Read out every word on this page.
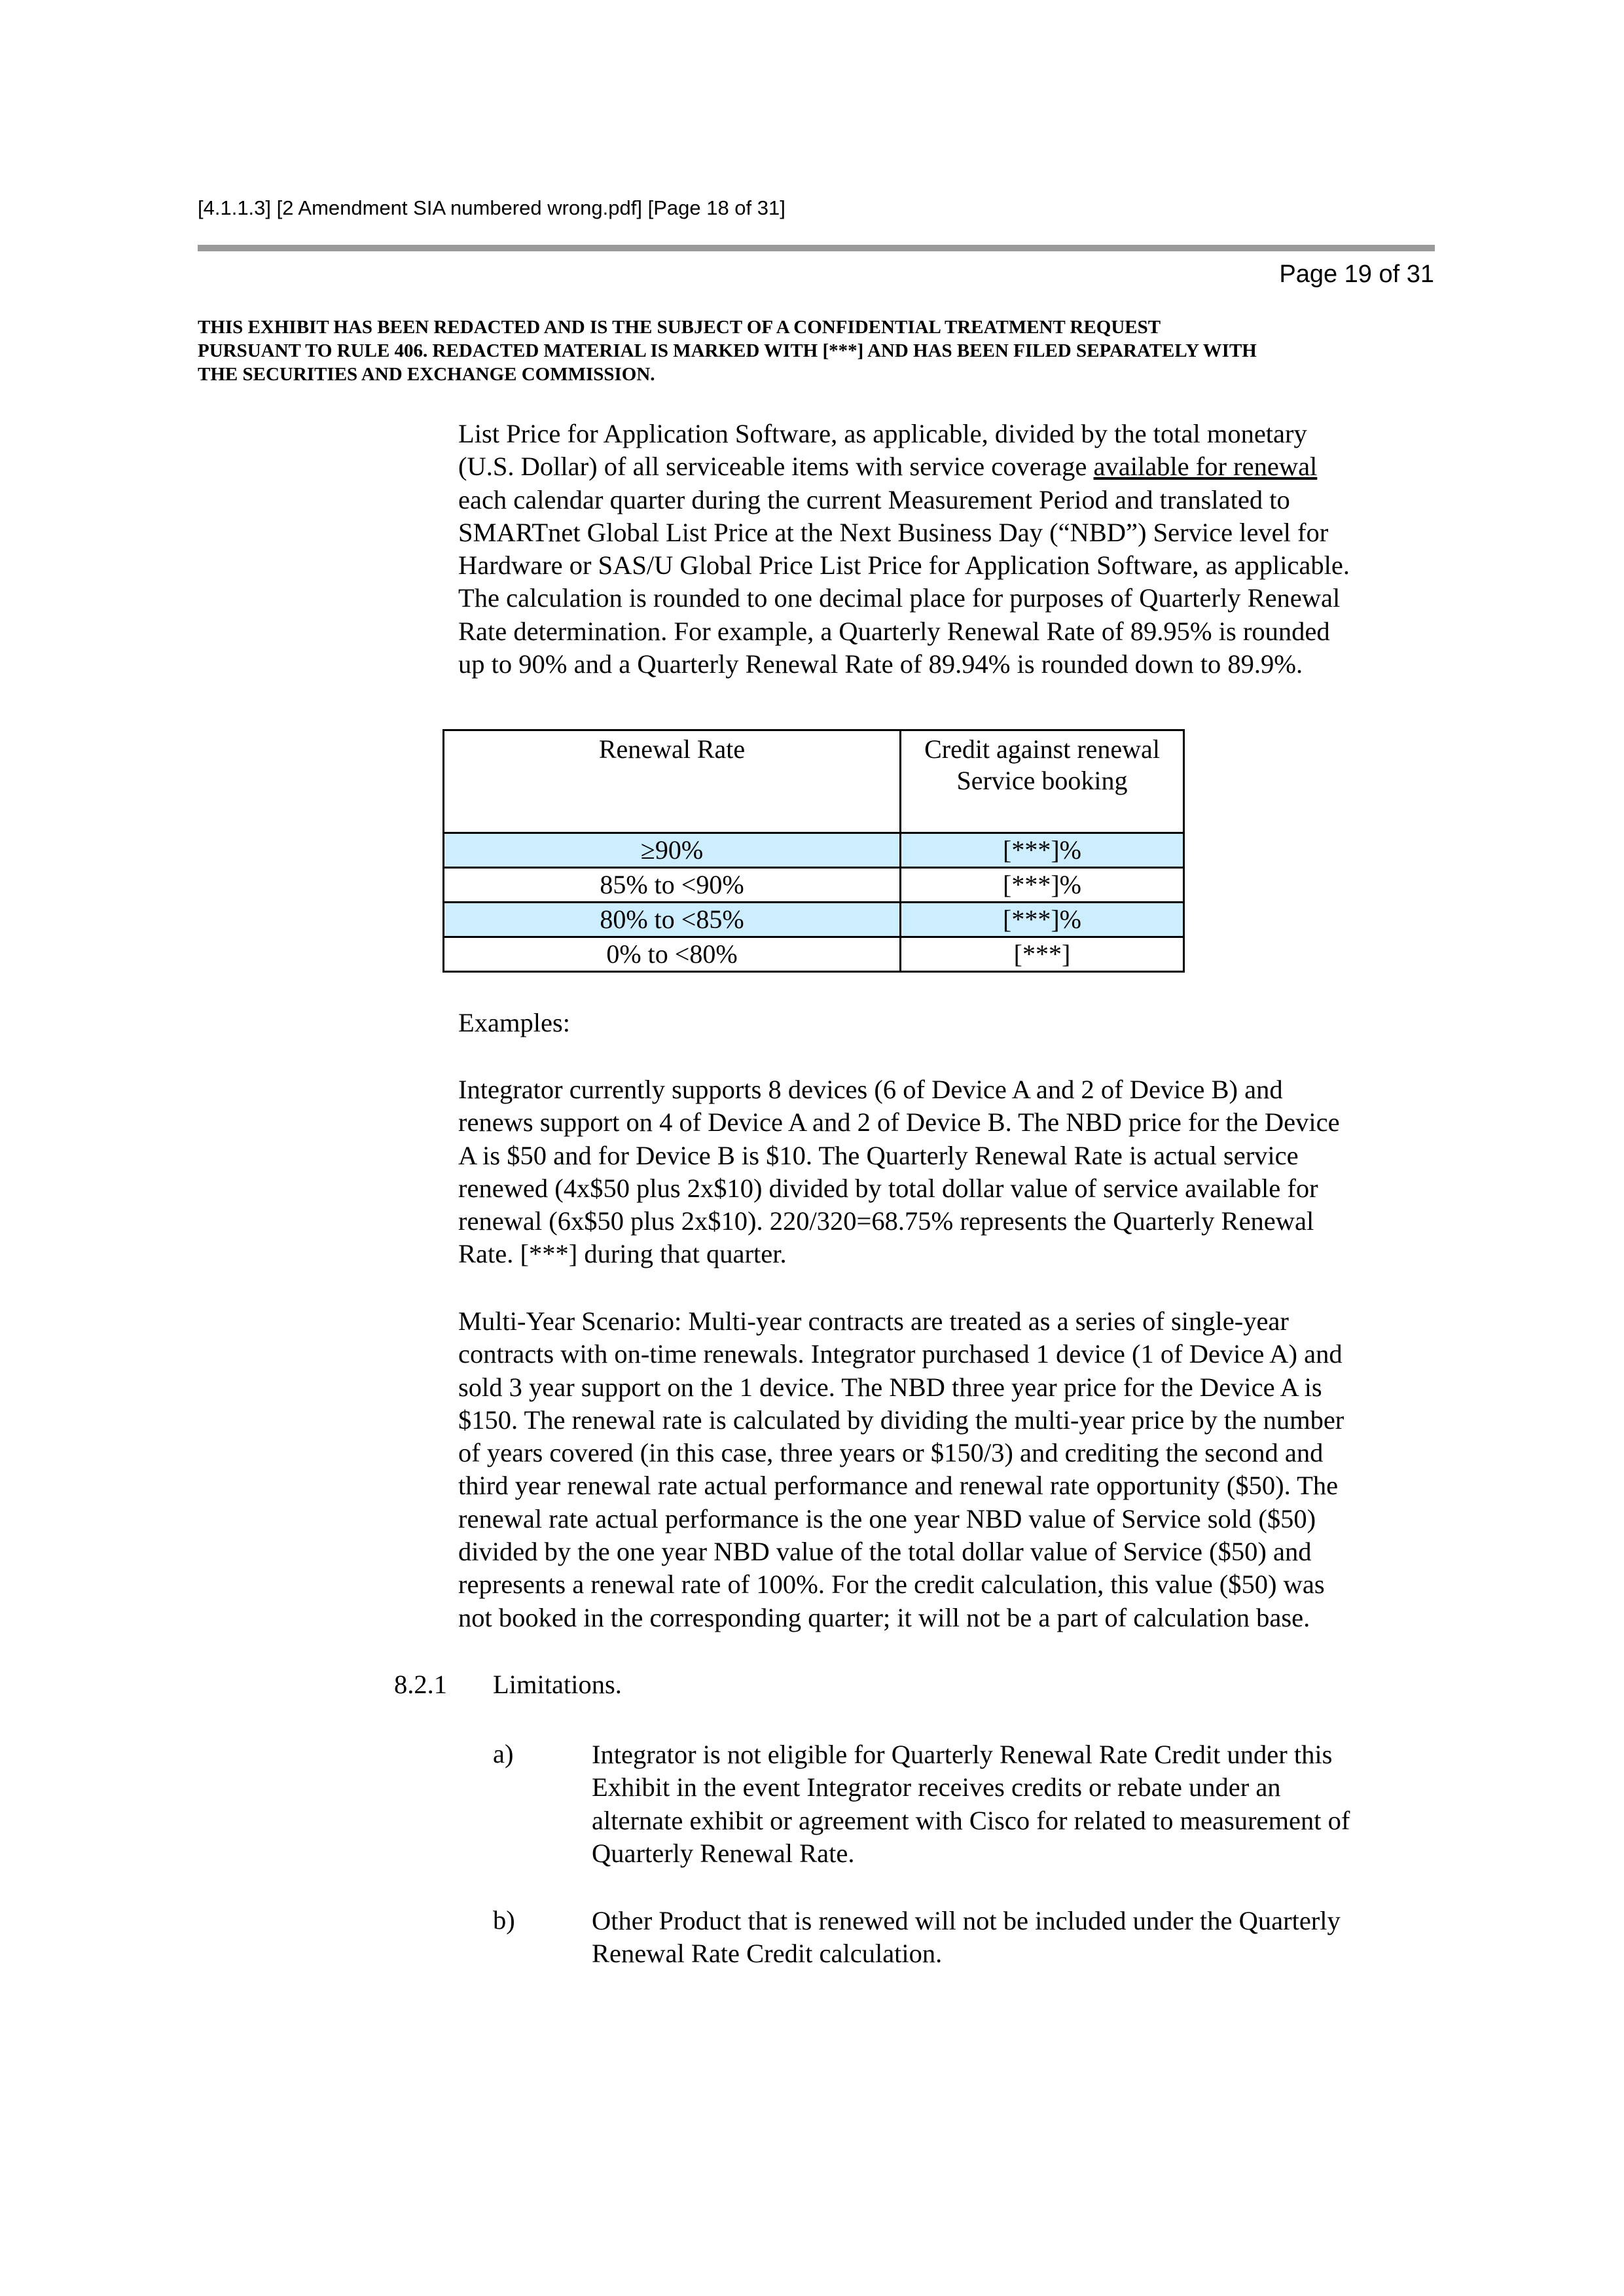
[4.1.1.3] [2 Amendment SIA numbered wrong.pdf] [Page 18 of 31]
Page 19 of 31
THIS EXHIBIT HAS BEEN REDACTED AND IS THE SUBJECT OF A CONFIDENTIAL TREATMENT REQUEST
PURSUANT TO RULE 406. REDACTED MATERIAL IS MARKED WITH [***] AND HAS BEEN FILED SEPARATELY WITH
THE SECURITIES AND EXCHANGE COMMISSION.
List Price for Application Software, as applicable, divided by the total monetary
(U.S. Dollar) of all serviceable items with service coverage available for renewal
each calendar quarter during the current Measurement Period and translated to
SMARTnet Global List Price at the Next Business Day (“NBD”) Service level for
Hardware or SAS/U Global Price List Price for Application Software, as applicable.
The calculation is rounded to one decimal place for purposes of Quarterly Renewal
Rate determination. For example, a Quarterly Renewal Rate of 89.95% is rounded
up to 90% and a Quarterly Renewal Rate of 89.94% is rounded down to 89.9%.
Renewal Rate	Credit against renewal
Service booking
≥90%	[***]%
85% to <90%	[***]%
80% to <85%	[***]%
0% to <80%	[***]
Examples:
Integrator currently supports 8 devices (6 of Device A and 2 of Device B) and
renews support on 4 of Device A and 2 of Device B. The NBD price for the Device
A is $50 and for Device B is $10. The Quarterly Renewal Rate is actual service
renewed (4x$50 plus 2x$10) divided by total dollar value of service available for
renewal (6x$50 plus 2x$10). 220/320=68.75% represents the Quarterly Renewal
Rate. [***] during that quarter.
Multi-Year Scenario: Multi-year contracts are treated as a series of single-year
contracts with on-time renewals. Integrator purchased 1 device (1 of Device A) and
sold 3 year support on the 1 device. The NBD three year price for the Device A is
$150. The renewal rate is calculated by dividing the multi-year price by the number
of years covered (in this case, three years or $150/3) and crediting the second and
third year renewal rate actual performance and renewal rate opportunity ($50). The
renewal rate actual performance is the one year NBD value of Service sold ($50)
divided by the one year NBD value of the total dollar value of Service ($50) and
represents a renewal rate of 100%. For the credit calculation, this value ($50) was
not booked in the corresponding quarter; it will not be a part of calculation base.
8.2.1 Limitations.
a)	Integrator is not eligible for Quarterly Renewal Rate Credit under this
Exhibit in the event Integrator receives credits or rebate under an
alternate exhibit or agreement with Cisco for related to measurement of
Quarterly Renewal Rate.
b)	Other Product that is renewed will not be included under the Quarterly
Renewal Rate Credit calculation.
